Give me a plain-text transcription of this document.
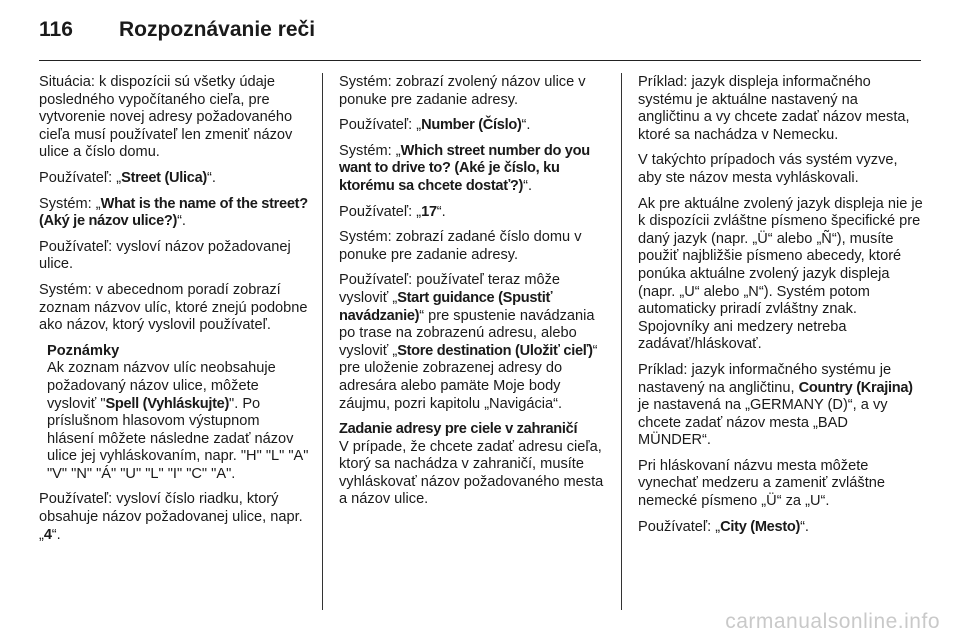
116	Rozpoznávanie reči

Situácia: k dispozícii sú všetky údaje posledného vypočítaného cieľa, pre vytvorenie novej adresy požadovaného cieľa musí používateľ len zmeniť názov ulice a číslo domu.

Používateľ: „Street (Ulica)“.

Systém: „What is the name of the street? (Aký je názov ulice?)“.

Používateľ: vysloví názov požadovanej ulice.

Systém: v abecednom poradí zobrazí zoznam názvov ulíc, ktoré znejú podobne ako názov, ktorý vyslovil používateľ.

Poznámky

Ak zoznam názvov ulíc neobsahuje požadovaný názov ulice, môžete vysloviť "Spell (Vyhláskujte)". Po príslušnom hlasovom výstupnom hlásení môžete následne zadať názov ulice jej vyhláskovaním, napr. "H" "L" "A" "V" "N" "Á" "U" "L" "I" "C" "A".

Používateľ: vysloví číslo riadku, ktorý obsahuje názov požadovanej ulice, napr. „4“.

Systém: zobrazí zvolený názov ulice v ponuke pre zadanie adresy.

Používateľ: „Number (Číslo)“.

Systém: „Which street number do you want to drive to? (Aké je číslo, ku ktorému sa chcete dostať?)“.

Používateľ: „17“.

Systém: zobrazí zadané číslo domu v ponuke pre zadanie adresy.

Používateľ: používateľ teraz môže vysloviť „Start guidance (Spustiť navádzanie)“ pre spustenie navádzania po trase na zobrazenú adresu, alebo vysloviť „Store destination (Uložiť cieľ)“ pre uloženie zobrazenej adresy do adresára alebo pamäte Moje body záujmu, pozri kapitolu „Navigácia“.

Zadanie adresy pre ciele v zahraničí

V prípade, že chcete zadať adresu cieľa, ktorý sa nachádza v zahraničí, musíte vyhláskovať názov požadovaného mesta a názov ulice.

Príklad: jazyk displeja informačného systému je aktuálne nastavený na angličtinu a vy chcete zadať názov mesta, ktoré sa nachádza v Nemecku.

V takýchto prípadoch vás systém vyzve, aby ste názov mesta vyhláskovali.

Ak pre aktuálne zvolený jazyk displeja nie je k dispozícii zvláštne písmeno špecifické pre daný jazyk (napr. „Ü“ alebo „Ñ“), musíte použiť najbližšie písmeno abecedy, ktoré ponúka aktuálne zvolený jazyk displeja (napr. „U“ alebo „N“). Systém potom automaticky priradí zvláštny znak. Spojovníky ani medzery netreba zadávať/hláskovať.

Príklad: jazyk informačného systému je nastavený na angličtinu, Country (Krajina) je nastavená na „GERMANY (D)“, a vy chcete zadať názov mesta „BAD MÜNDER“.

Pri hláskovaní názvu mesta môžete vynechať medzeru a zameniť zvláštne nemecké písmeno „Ü“ za „U“.

Používateľ: „City (Mesto)“.

carmanualsonline.info
